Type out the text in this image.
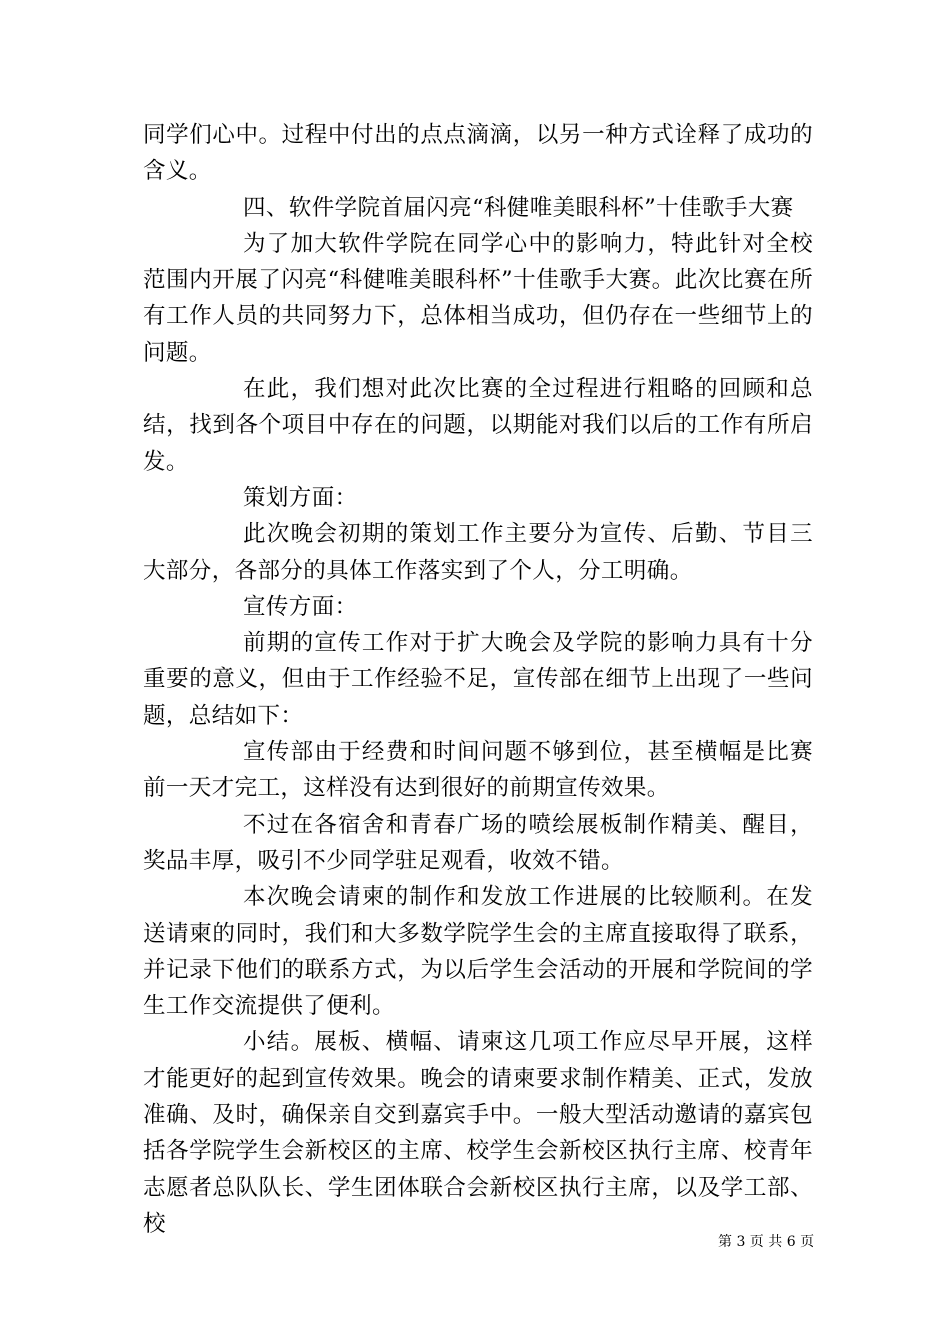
同学们心中。过程中付出的点点滴滴，以另一种方式诠释了成功的含义。

四、软件学院首届闪亮“科健唯美眼科杯”十佳歌手大赛

为了加大软件学院在同学心中的影响力，特此针对全校范围内开展了闪亮“科健唯美眼科杯”十佳歌手大赛。此次比赛在所有工作人员的共同努力下，总体相当成功，但仍存在一些细节上的问题。

在此，我们想对此次比赛的全过程进行粗略的回顾和总结，找到各个项目中存在的问题，以期能对我们以后的工作有所启发。

策划方面：

此次晚会初期的策划工作主要分为宣传、后勤、节目三大部分，各部分的具体工作落实到了个人，分工明确。

宣传方面：

前期的宣传工作对于扩大晚会及学院的影响力具有十分重要的意义，但由于工作经验不足，宣传部在细节上出现了一些问题，总结如下：

宣传部由于经费和时间问题不够到位，甚至横幅是比赛前一天才完工，这样没有达到很好的前期宣传效果。

不过在各宿舍和青春广场的喷绘展板制作精美、醒目，奖品丰厚，吸引不少同学驻足观看，收效不错。

本次晚会请柬的制作和发放工作进展的比较顺利。在发送请柬的同时，我们和大多数学院学生会的主席直接取得了联系，并记录下他们的联系方式，为以后学生会活动的开展和学院间的学生工作交流提供了便利。

小结。展板、横幅、请柬这几项工作应尽早开展，这样才能更好的起到宣传效果。晚会的请柬要求制作精美、正式，发放准确、及时，确保亲自交到嘉宾手中。一般大型活动邀请的嘉宾包括各学院学生会新校区的主席、校学生会新校区执行主席、校青年志愿者总队队长、学生团体联合会新校区执行主席，以及学工部、校

第 3 页 共 6 页
